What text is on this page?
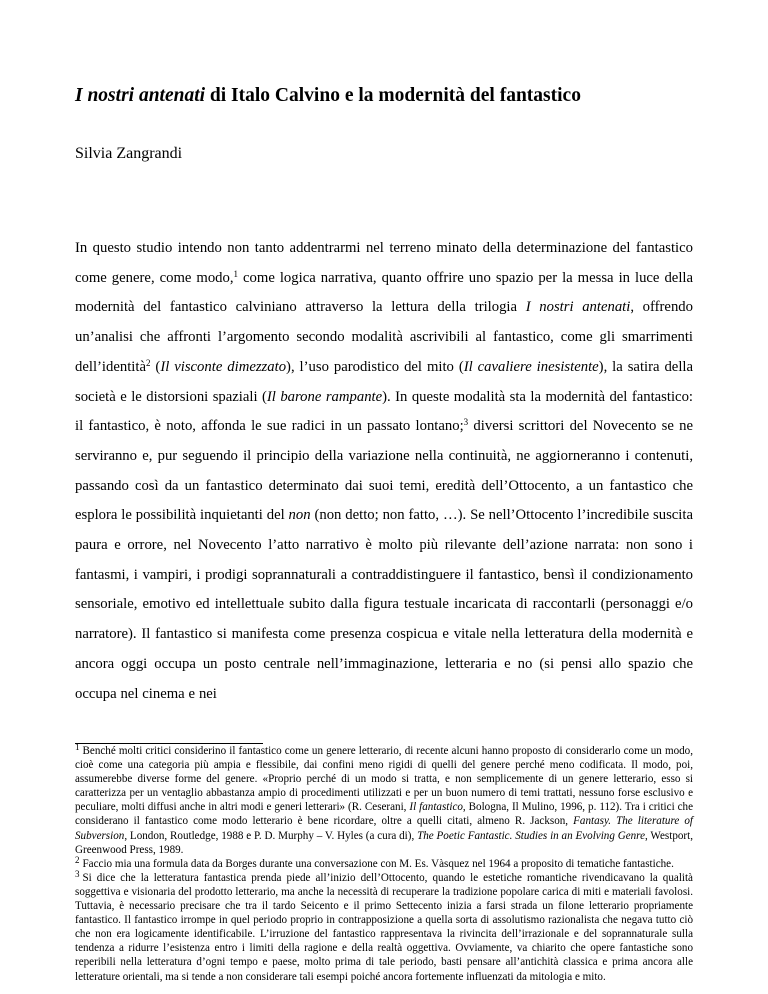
I nostri antenati di Italo Calvino e la modernità del fantastico

Silvia Zangrandi

In questo studio intendo non tanto addentrarmi nel terreno minato della determinazione del fantastico come genere, come modo,$^1$ come logica narrativa, quanto offrire uno spazio per la messa in luce della modernità del fantastico calviniano attraverso la lettura della trilogia I nostri antenati, offrendo un’analisi che affronti l’argomento secondo modalità ascrivibili al fantastico, come gli smarrimenti dell’identità$^2$ (Il visconte dimezzato), l’uso parodistico del mito (Il cavaliere inesistente), la satira della società e le distorsioni spaziali (Il barone rampante). In queste modalità sta la modernità del fantastico: il fantastico, è noto, affonda le sue radici in un passato lontano;$^3$ diversi scrittori del Novecento se ne serviranno e, pur seguendo il principio della variazione nella continuità, ne aggiorneranno i contenuti, passando così da un fantastico determinato dai suoi temi, eredità dell’Ottocento, a un fantastico che esplora le possibilità inquietanti del non (non detto; non fatto, …). Se nell’Ottocento l’incredibile suscita paura e orrore, nel Novecento l’atto narrativo è molto più rilevante dell’azione narrata: non sono i fantasmi, i vampiri, i prodigi soprannaturali a contraddistinguere il fantastico, bensì il condizionamento sensoriale, emotivo ed intellettuale subito dalla figura testuale incaricata di raccontarli (personaggi e/o narratore). Il fantastico si manifesta come presenza cospicua e vitale nella letteratura della modernità e ancora oggi occupa un posto centrale nell’immaginazione, letteraria e no (si pensi allo spazio che occupa nel cinema e nei

$^1$ Benché molti critici considerino il fantastico come un genere letterario, di recente alcuni hanno proposto di considerarlo come un modo, cioè come una categoria più ampia e flessibile, dai confini meno rigidi di quelli del genere perché meno codificata. Il modo, poi, assumerebbe diverse forme del genere. «Proprio perché di un modo si tratta, e non semplicemente di un genere letterario, esso si caratterizza per un ventaglio abbastanza ampio di procedimenti utilizzati e per un buon numero di temi trattati, nessuno forse esclusivo e peculiare, molti diffusi anche in altri modi e generi letterari» (R. Ceserani, Il fantastico, Bologna, Il Mulino, 1996, p. 112). Tra i critici che considerano il fantastico come modo letterario è bene ricordare, oltre a quelli citati, almeno R. Jackson, Fantasy. The literature of Subversion, London, Routledge, 1988 e P. D. Murphy – V. Hyles (a cura di), The Poetic Fantastic. Studies in an Evolving Genre, Westport, Greenwood Press, 1989.

$^2$ Faccio mia una formula data da Borges durante una conversazione con M. Es. Vàsquez nel 1964 a proposito di tematiche fantastiche.

$^3$ Si dice che la letteratura fantastica prenda piede all’inizio dell’Ottocento, quando le estetiche romantiche rivendicavano la qualità soggettiva e visionaria del prodotto letterario, ma anche la necessità di recuperare la tradizione popolare carica di miti e materiali favolosi. Tuttavia, è necessario precisare che tra il tardo Seicento e il primo Settecento inizia a farsi strada un filone letterario propriamente fantastico. Il fantastico irrompe in quel periodo proprio in contrapposizione a quella sorta di assolutismo razionalista che negava tutto ciò che non era logicamente identificabile. L’irruzione del fantastico rappresentava la rivincita dell’irrazionale e del soprannaturale sulla tendenza a ridurre l’esistenza entro i limiti della ragione e della realtà oggettiva. Ovviamente, va chiarito che opere fantastiche sono reperibili nella letteratura d’ogni tempo e paese, molto prima di tale periodo, basti pensare all’antichità classica e prima ancora alle letterature orientali, ma si tende a non considerare tali esempi poiché ancora fortemente influenzati da mitologia e mito.
